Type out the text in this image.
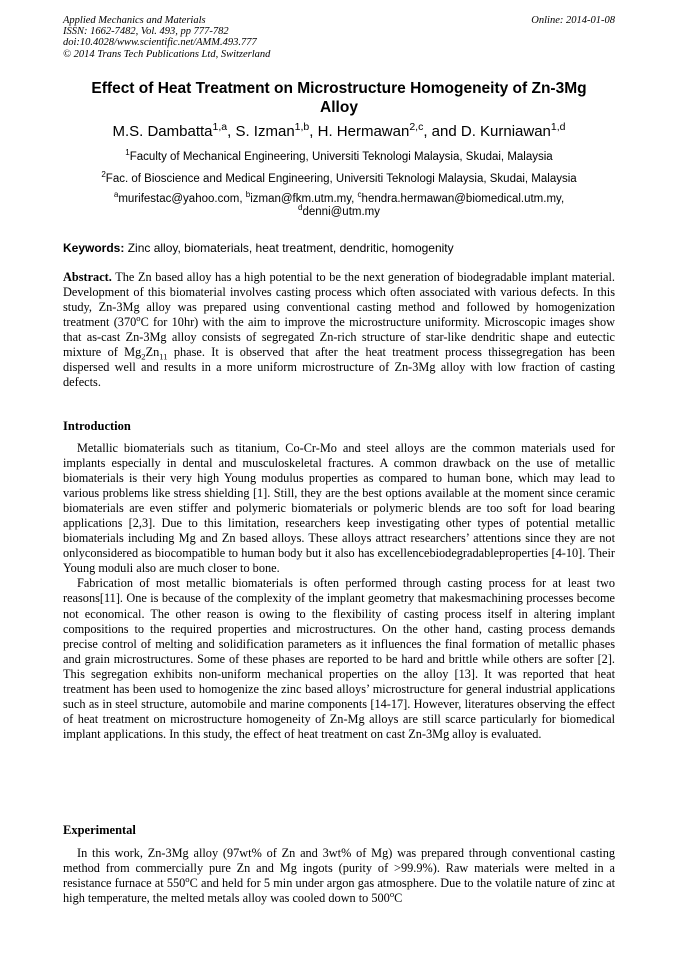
Applied Mechanics and Materials
ISSN: 1662-7482, Vol. 493, pp 777-782
doi:10.4028/www.scientific.net/AMM.493.777
© 2014 Trans Tech Publications Ltd, Switzerland
Online: 2014-01-08
Effect of Heat Treatment on Microstructure Homogeneity of Zn-3Mg
Alloy
M.S. Dambatta$^{1,a}$, S. Izman$^{1,b}$, H. Hermawan$^{2,c}$, and D. Kurniawan$^{1,d}$
$^1$Faculty of Mechanical Engineering, Universiti Teknologi Malaysia, Skudai, Malaysia
$^2$Fac. of Bioscience and Medical Engineering, Universiti Teknologi Malaysia, Skudai, Malaysia
$^a$murifestac@yahoo.com, $^b$izman@fkm.utm.my, $^c$hendra.hermawan@biomedical.utm.my,
$^d$denni@utm.my
Keywords: Zinc alloy, biomaterials, heat treatment, dendritic, homogenity
Abstract. The Zn based alloy has a high potential to be the next generation of biodegradable implant material. Development of this biomaterial involves casting process which often associated with various defects. In this study, Zn-3Mg alloy was prepared using conventional casting method and followed by homogenization treatment (370$^o$C for 10hr) with the aim to improve the microstructure uniformity. Microscopic images show that as-cast Zn-3Mg alloy consists of segregated Zn-rich structure of star-like dendritic shape and eutectic mixture of $Mg_2Zn_{11}$ phase. It is observed that after the heat treatment process thissegregation has been dispersed well and results in a more uniform microstructure of Zn-3Mg alloy with low fraction of casting defects.
Introduction

Metallic biomaterials such as titanium, Co-Cr-Mo and steel alloys are the common materials used for implants especially in dental and musculoskeletal fractures. A common drawback on the use of metallic biomaterials is their very high Young modulus properties as compared to human bone, which may lead to various problems like stress shielding [1]. Still, they are the best options available at the moment since ceramic biomaterials are even stiffer and polymeric biomaterials or polymeric blends are too soft for load bearing applications [2,3]. Due to this limitation, researchers keep investigating other types of potential metallic biomaterials including Mg and Zn based alloys. These alloys attract researchers’ attentions since they are not onlyconsidered as biocompatible to human body but it also has excellencebiodegradableproperties [4-10]. Their Young moduli also are much closer to bone.

Fabrication of most metallic biomaterials is often performed through casting process for at least two reasons[11]. One is because of the complexity of the implant geometry that makesmachining processes become not economical. The other reason is owing to the flexibility of casting process itself in altering implant compositions to the required properties and microstructures. On the other hand, casting process demands precise control of melting and solidification parameters as it influences the final formation of metallic phases and grain microstructures. Some of these phases are reported to be hard and brittle while others are softer [2]. This segregation exhibits non-uniform mechanical properties on the alloy [13]. It was reported that heat treatment has been used to homogenize the zinc based alloys’ microstructure for general industrial applications such as in steel structure, automobile and marine components [14-17]. However, literatures observing the effect of heat treatment on microstructure homogeneity of Zn-Mg alloys are still scarce particularly for biomedical implant applications. In this study, the effect of heat treatment on cast Zn-3Mg alloy is evaluated.

Experimental

In this work, Zn-3Mg alloy (97wt% of Zn and 3wt% of Mg) was prepared through conventional casting method from commercially pure Zn and Mg ingots (purity of >99.9%). Raw materials were melted in a resistance furnace at 550$^o$C and held for 5 min under argon gas atmosphere. Due to the volatile nature of zinc at high temperature, the melted metals alloy was cooled down to 500$^o$C
